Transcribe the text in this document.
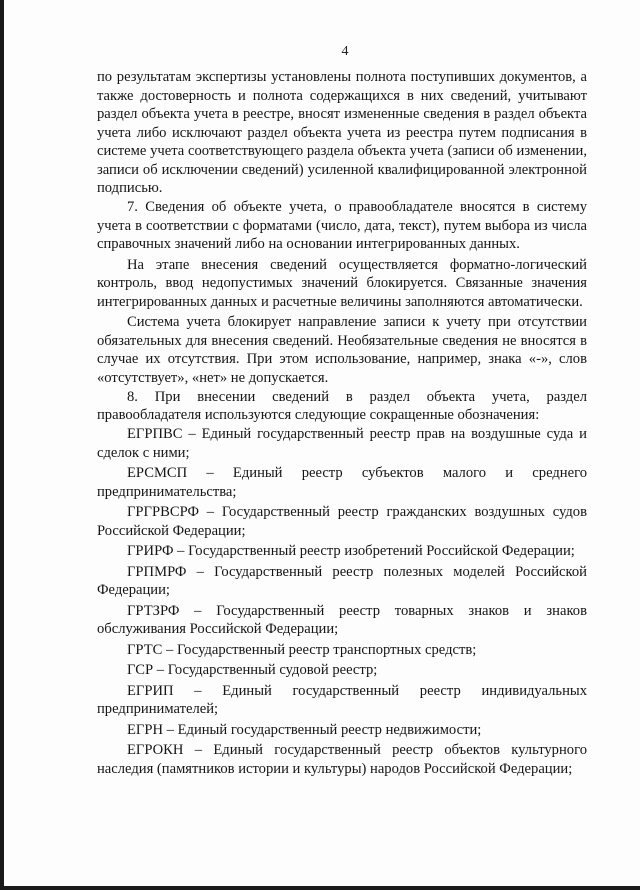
4

по результатам экспертизы установлены полнота поступивших документов, а также достоверность и полнота содержащихся в них сведений, учитывают раздел объекта учета в реестре, вносят измененные сведения в раздел объекта учета либо исключают раздел объекта учета из реестра путем подписания в системе учета соответствующего раздела объекта учета (записи об изменении, записи об исключении сведений) усиленной квалифицированной электронной подписью.

7. Сведения об объекте учета, о правообладателе вносятся в систему учета в соответствии с форматами (число, дата, текст), путем выбора из числа справочных значений либо на основании интегрированных данных.

На этапе внесения сведений осуществляется форматно-логический контроль, ввод недопустимых значений блокируется. Связанные значения интегрированных данных и расчетные величины заполняются автоматически.

Система учета блокирует направление записи к учету при отсутствии обязательных для внесения сведений. Необязательные сведения не вносятся в случае их отсутствия. При этом использование, например, знака «-», слов «отсутствует», «нет» не допускается.

8. При внесении сведений в раздел объекта учета, раздел правообладателя используются следующие сокращенные обозначения:

ЕГРПВС – Единый государственный реестр прав на воздушные суда и сделок с ними;

ЕРСМСП – Единый реестр субъектов малого и среднего предпринимательства;

ГРГРВСРФ – Государственный реестр гражданских воздушных судов Российской Федерации;

ГРИРФ – Государственный реестр изобретений Российской Федерации;

ГРПМРФ – Государственный реестр полезных моделей Российской Федерации;

ГРТЗРФ – Государственный реестр товарных знаков и знаков обслуживания Российской Федерации;

ГРТС – Государственный реестр транспортных средств;

ГСР – Государственный судовой реестр;

ЕГРИП – Единый государственный реестр индивидуальных предпринимателей;

ЕГРН – Единый государственный реестр недвижимости;

ЕГРОКН – Единый государственный реестр объектов культурного наследия (памятников истории и культуры) народов Российской Федерации;
